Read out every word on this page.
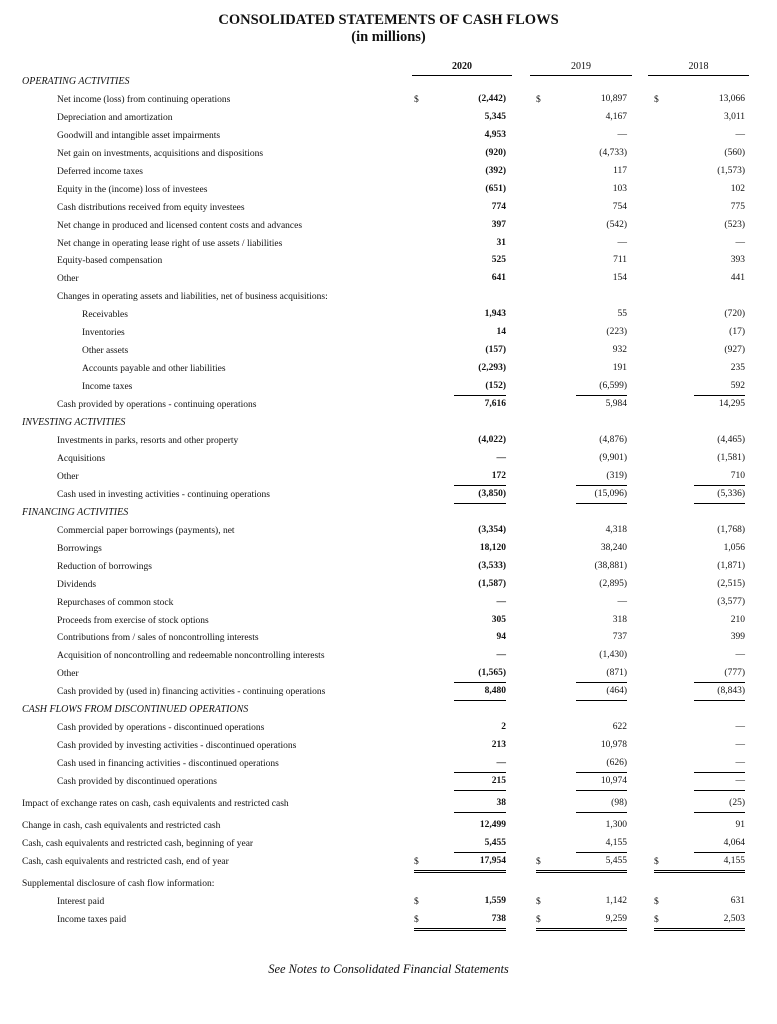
CONSOLIDATED STATEMENTS OF CASH FLOWS
(in millions)
2020	2019	2018
OPERATING ACTIVITIES
Net income (loss) from continuing operations	$	(2,442)	$	10,897	$	13,066
Depreciation and amortization	5,345	4,167	3,011
Goodwill and intangible asset impairments	4,953	—	—
Net gain on investments, acquisitions and dispositions	(920)	(4,733)	(560)
Deferred income taxes	(392)	117	(1,573)
Equity in the (income) loss of investees	(651)	103	102
Cash distributions received from equity investees	774	754	775
Net change in produced and licensed content costs and advances	397	(542)	(523)
Net change in operating lease right of use assets / liabilities	31	—	—
Equity-based compensation	525	711	393
Other	641	154	441
Changes in operating assets and liabilities, net of business acquisitions:
Receivables	1,943	55	(720)
Inventories	14	(223)	(17)
Other assets	(157)	932	(927)
Accounts payable and other liabilities	(2,293)	191	235
Income taxes	(152)	(6,599)	592
Cash provided by operations - continuing operations	7,616	5,984	14,295
INVESTING ACTIVITIES
Investments in parks, resorts and other property	(4,022)	(4,876)	(4,465)
Acquisitions	—	(9,901)	(1,581)
Other	172	(319)	710
Cash used in investing activities - continuing operations	(3,850)	(15,096)	(5,336)
FINANCING ACTIVITIES
Commercial paper borrowings (payments), net	(3,354)	4,318	(1,768)
Borrowings	18,120	38,240	1,056
Reduction of borrowings	(3,533)	(38,881)	(1,871)
Dividends	(1,587)	(2,895)	(2,515)
Repurchases of common stock	—	—	(3,577)
Proceeds from exercise of stock options	305	318	210
Contributions from / sales of noncontrolling interests	94	737	399
Acquisition of noncontrolling and redeemable noncontrolling interests	—	(1,430)	—
Other	(1,565)	(871)	(777)
Cash provided by (used in) financing activities - continuing operations	8,480	(464)	(8,843)
CASH FLOWS FROM DISCONTINUED OPERATIONS
Cash provided by operations - discontinued operations	2	622	—
Cash provided by investing activities - discontinued operations	213	10,978	—
Cash used in financing activities - discontinued operations	—	(626)	—
Cash provided by discontinued operations	215	10,974	—
Impact of exchange rates on cash, cash equivalents and restricted cash	38	(98)	(25)
Change in cash, cash equivalents and restricted cash	12,499	1,300	91
Cash, cash equivalents and restricted cash, beginning of year	5,455	4,155	4,064
Cash, cash equivalents and restricted cash, end of year	$	17,954	$	5,455	$	4,155
Supplemental disclosure of cash flow information:
Interest paid	$	1,559	$	1,142	$	631
Income taxes paid	$	738	$	9,259	$	2,503
See Notes to Consolidated Financial Statements
